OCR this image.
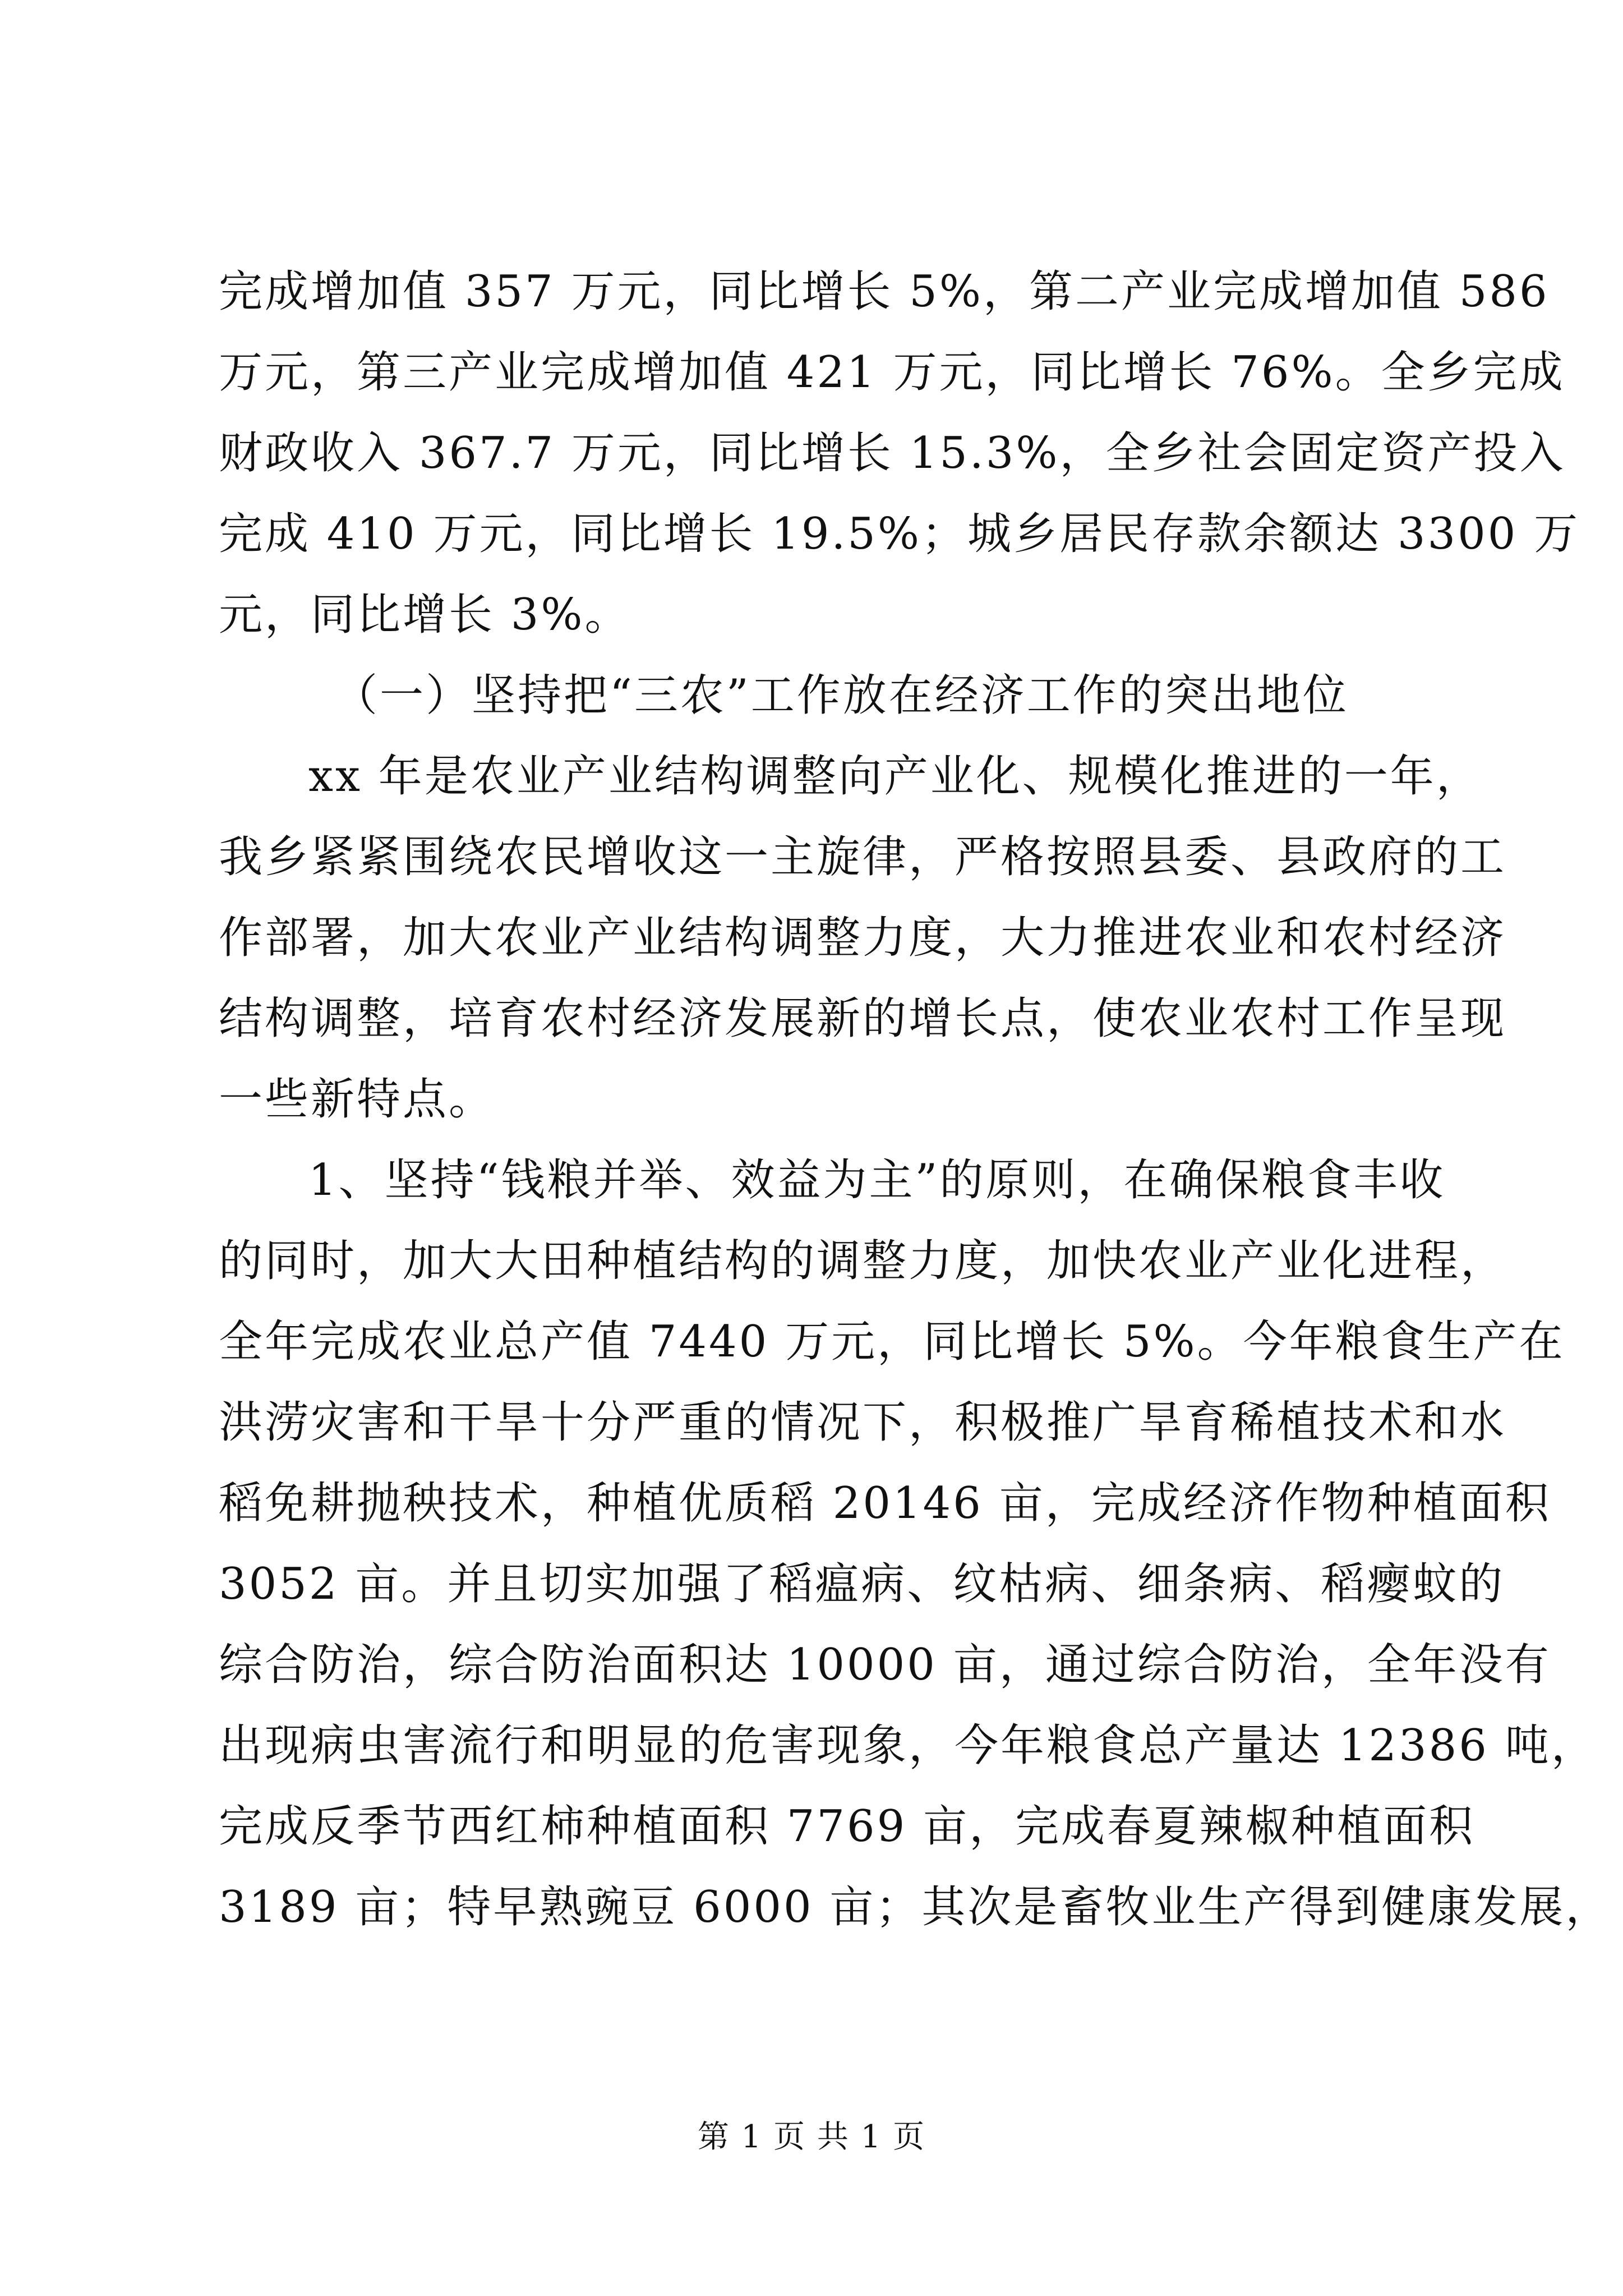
完成增加值 357 万元，同比增长 5%，第二产业完成增加值 586
万元，第三产业完成增加值 421 万元，同比增长 76%。全乡完成
财政收入 367.7 万元，同比增长 15.3%，全乡社会固定资产投入
完成 410 万元，同比增长 19.5%；城乡居民存款余额达 3300 万
元，同比增长 3%。
（一）坚持把“三农”工作放在经济工作的突出地位
xx 年是农业产业结构调整向产业化、规模化推进的一年，
我乡紧紧围绕农民增收这一主旋律，严格按照县委、县政府的工
作部署，加大农业产业结构调整力度，大力推进农业和农村经济
结构调整，培育农村经济发展新的增长点，使农业农村工作呈现
一些新特点。
1、坚持“钱粮并举、效益为主”的原则，在确保粮食丰收
的同时，加大大田种植结构的调整力度，加快农业产业化进程，
全年完成农业总产值 7440 万元，同比增长 5%。今年粮食生产在
洪涝灾害和干旱十分严重的情况下，积极推广旱育稀植技术和水
稻免耕抛秧技术，种植优质稻 20146 亩，完成经济作物种植面积
3052 亩。并且切实加强了稻瘟病、纹枯病、细条病、稻瘿蚊的
综合防治，综合防治面积达 10000 亩，通过综合防治，全年没有
出现病虫害流行和明显的危害现象，今年粮食总产量达 12386 吨，
完成反季节西红柿种植面积 7769 亩，完成春夏辣椒种植面积
3189 亩；特早熟豌豆 6000 亩；其次是畜牧业生产得到健康发展，
第 1 页 共 1 页
